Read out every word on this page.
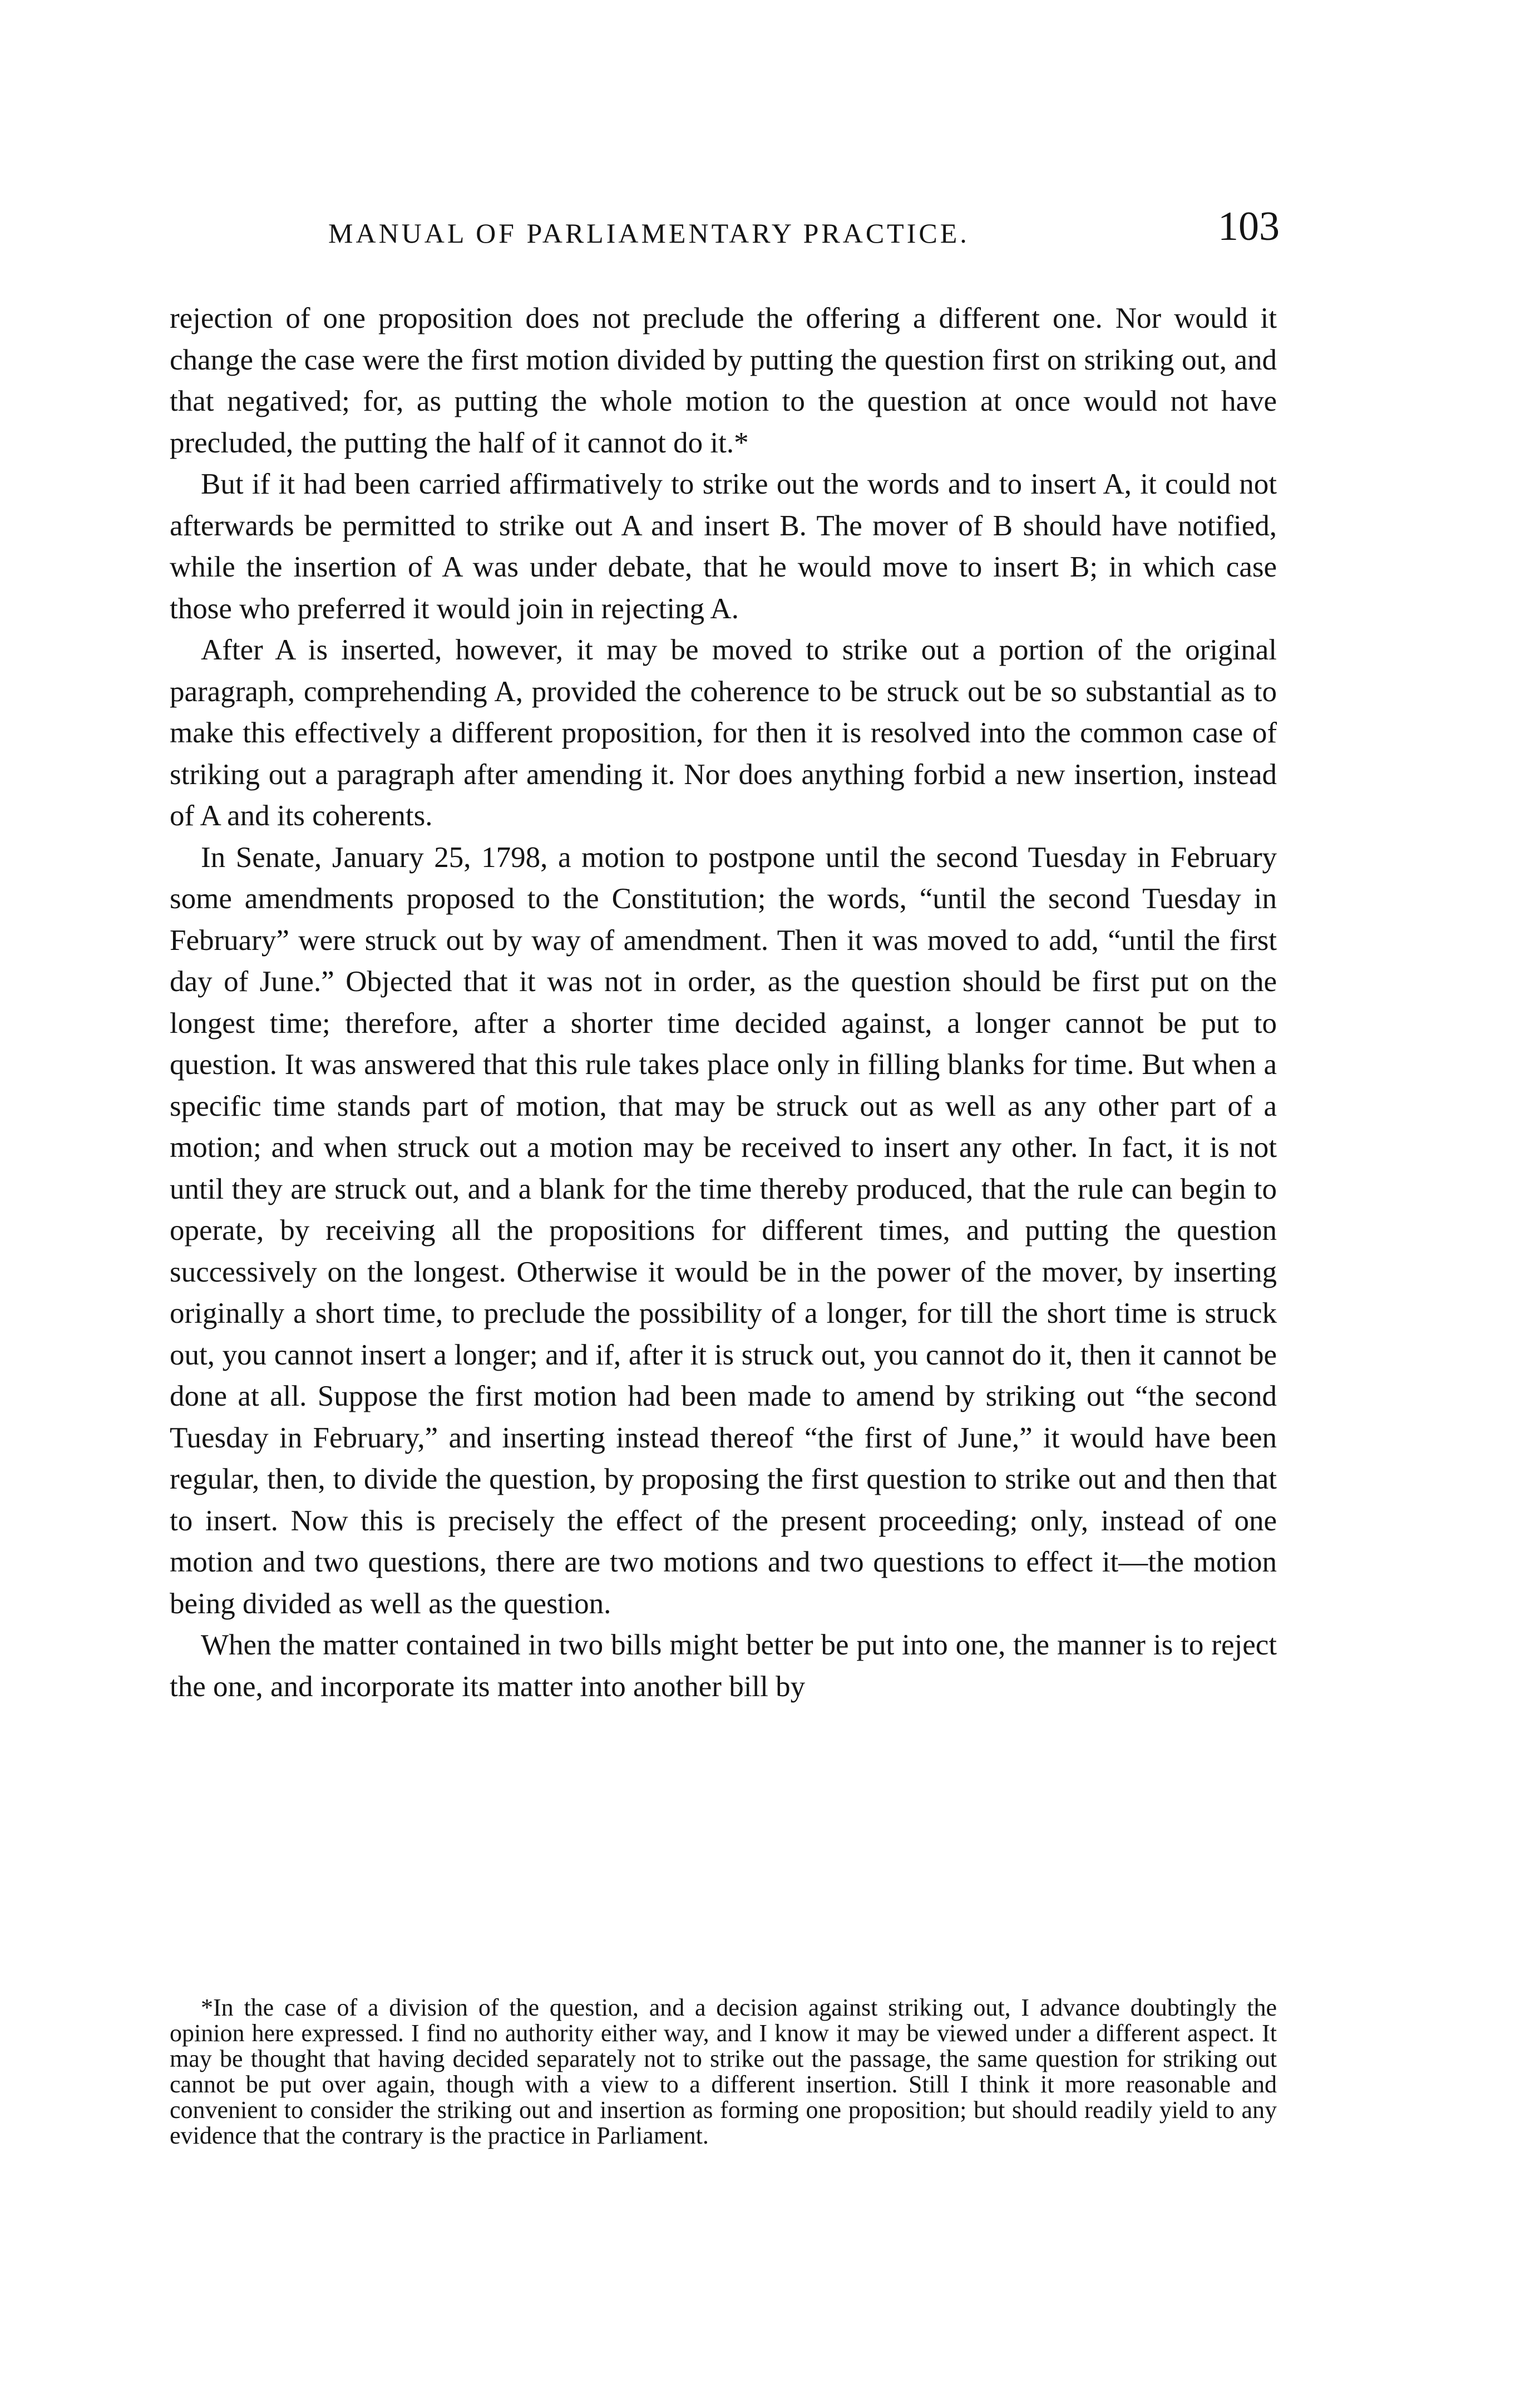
MANUAL OF PARLIAMENTARY PRACTICE.	103

rejection of one proposition does not preclude the offering a different one. Nor would it change the case were the first motion divided by putting the question first on striking out, and that negatived; for, as putting the whole motion to the question at once would not have precluded, the putting the half of it cannot do it.*

But if it had been carried affirmatively to strike out the words and to insert A, it could not afterwards be permitted to strike out A and insert B. The mover of B should have notified, while the insertion of A was under debate, that he would move to insert B; in which case those who preferred it would join in rejecting A.

After A is inserted, however, it may be moved to strike out a portion of the original paragraph, comprehending A, provided the coherence to be struck out be so substantial as to make this effectively a different proposition, for then it is resolved into the common case of striking out a paragraph after amending it. Nor does anything forbid a new insertion, instead of A and its coherents.

In Senate, January 25, 1798, a motion to postpone until the second Tuesday in February some amendments proposed to the Constitution; the words, “until the second Tuesday in February” were struck out by way of amendment. Then it was moved to add, “until the first day of June.” Objected that it was not in order, as the question should be first put on the longest time; therefore, after a shorter time decided against, a longer cannot be put to question. It was answered that this rule takes place only in filling blanks for time. But when a specific time stands part of motion, that may be struck out as well as any other part of a motion; and when struck out a motion may be received to insert any other. In fact, it is not until they are struck out, and a blank for the time thereby produced, that the rule can begin to operate, by receiving all the propositions for different times, and putting the question successively on the longest. Otherwise it would be in the power of the mover, by inserting originally a short time, to preclude the possibility of a longer, for till the short time is struck out, you cannot insert a longer; and if, after it is struck out, you cannot do it, then it cannot be done at all. Suppose the first motion had been made to amend by striking out “the second Tuesday in February,” and inserting instead thereof “the first of June,” it would have been regular, then, to divide the question, by proposing the first question to strike out and then that to insert. Now this is precisely the effect of the present proceeding; only, instead of one motion and two questions, there are two motions and two questions to effect it—the motion being divided as well as the question.

When the matter contained in two bills might better be put into one, the manner is to reject the one, and incorporate its matter into another bill by

*In the case of a division of the question, and a decision against striking out, I advance doubtingly the opinion here expressed. I find no authority either way, and I know it may be viewed under a different aspect. It may be thought that having decided separately not to strike out the passage, the same question for striking out cannot be put over again, though with a view to a different insertion. Still I think it more reasonable and convenient to consider the striking out and insertion as forming one proposition; but should readily yield to any evidence that the contrary is the practice in Parliament.
